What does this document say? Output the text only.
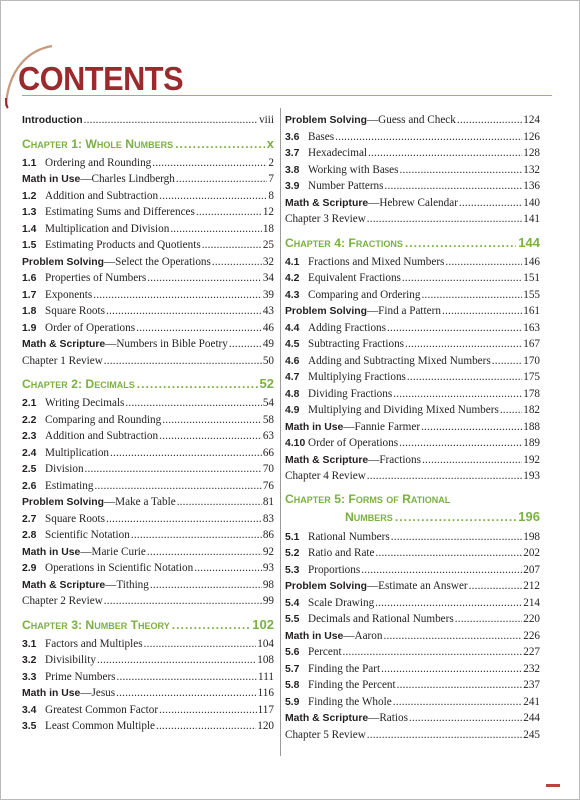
CONTENTS
Introduction .....	viii
Chapter 1: Whole Numbers .....	x
1.1 Ordering and Rounding .....	2
Math in Use—Charles Lindbergh .....	7
1.2 Addition and Subtraction .....	8
1.3 Estimating Sums and Differences .....	12
1.4 Multiplication and Division .....	18
1.5 Estimating Products and Quotients .....	25
Problem Solving—Select the Operations .....	32
1.6 Properties of Numbers .....	34
1.7 Exponents .....	39
1.8 Square Roots .....	43
1.9 Order of Operations .....	46
Math & Scripture—Numbers in Bible Poetry .....	49
Chapter 1 Review .....	50
Chapter 2: Decimals .....	52
2.1 Writing Decimals .....	54
2.2 Comparing and Rounding .....	58
2.3 Addition and Subtraction .....	63
2.4 Multiplication .....	66
2.5 Division .....	70
2.6 Estimating .....	76
Problem Solving—Make a Table .....	81
2.7 Square Roots .....	83
2.8 Scientific Notation .....	86
Math in Use—Marie Curie .....	92
2.9 Operations in Scientific Notation .....	93
Math & Scripture—Tithing .....	98
Chapter 2 Review .....	99
Chapter 3: Number Theory .....	102
3.1 Factors and Multiples .....	104
3.2 Divisibility .....	108
3.3 Prime Numbers .....	111
Math in Use—Jesus .....	116
3.4 Greatest Common Factor .....	117
3.5 Least Common Multiple .....	120
Problem Solving—Guess and Check .....	124
3.6 Bases .....	126
3.7 Hexadecimal .....	128
3.8 Working with Bases .....	132
3.9 Number Patterns .....	136
Math & Scripture—Hebrew Calendar .....	140
Chapter 3 Review .....	141
Chapter 4: Fractions .....	144
4.1 Fractions and Mixed Numbers .....	146
4.2 Equivalent Fractions .....	151
4.3 Comparing and Ordering .....	155
Problem Solving—Find a Pattern .....	161
4.4 Adding Fractions .....	163
4.5 Subtracting Fractions .....	167
4.6 Adding and Subtracting Mixed Numbers .....	170
4.7 Multiplying Fractions .....	175
4.8 Dividing Fractions .....	178
4.9 Multiplying and Dividing Mixed Numbers ..... 182
Math in Use—Fannie Farmer .....	188
4.10 Order of Operations .....	189
Math & Scripture—Fractions .....	192
Chapter 4 Review .....	193
Chapter 5: Forms of Rational
Numbers .....	196
5.1 Rational Numbers .....	198
5.2 Ratio and Rate .....	202
5.3 Proportions .....	207
Problem Solving—Estimate an Answer .....	212
5.4 Scale Drawing .....	214
5.5 Decimals and Rational Numbers .....	220
Math in Use—Aaron .....	226
5.6 Percent .....	227
5.7 Finding the Part .....	232
5.8 Finding the Percent .....	237
5.9 Finding the Whole .....	241
Math & Scripture—Ratios .....	244
Chapter 5 Review .....	245
